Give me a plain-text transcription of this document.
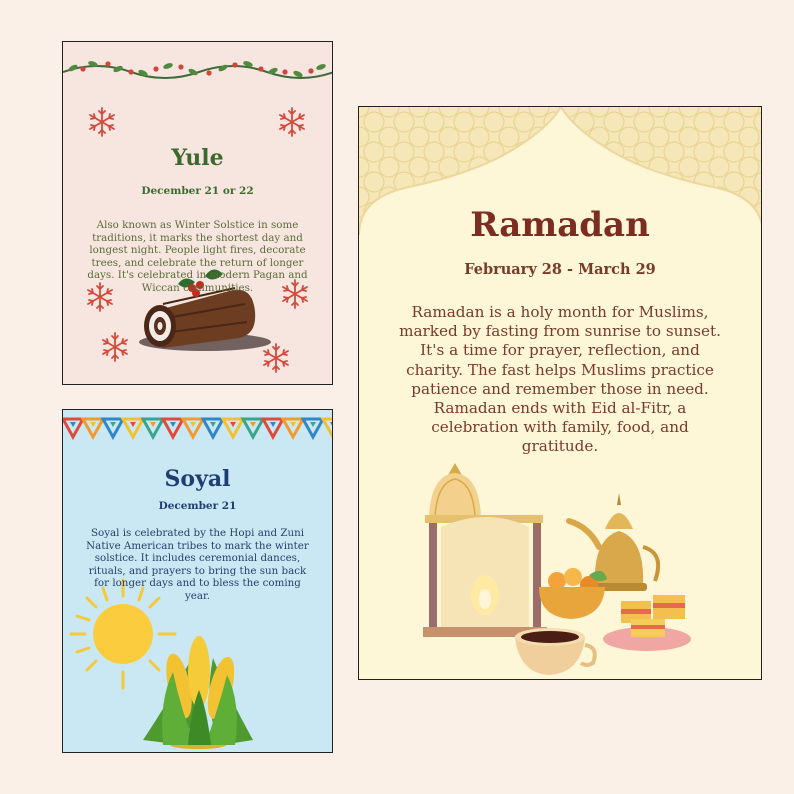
Yule

December 21 or 22

Also known as Winter Solstice in some traditions, it marks the shortest day and longest night. People light fires, decorate trees, and celebrate the return of longer days. It's celebrated in modern Pagan and Wiccan communities.

Soyal

December 21

Soyal is celebrated by the Hopi and Zuni Native American tribes to mark the winter solstice. It includes ceremonial dances, rituals, and prayers to bring the sun back for longer days and to bless the coming year.

Ramadan

February 28 - March 29

Ramadan is a holy month for Muslims, marked by fasting from sunrise to sunset. It's a time for prayer, reflection, and charity. The fast helps Muslims practice patience and remember those in need. Ramadan ends with Eid al-Fitr, a celebration with family, food, and gratitude.
